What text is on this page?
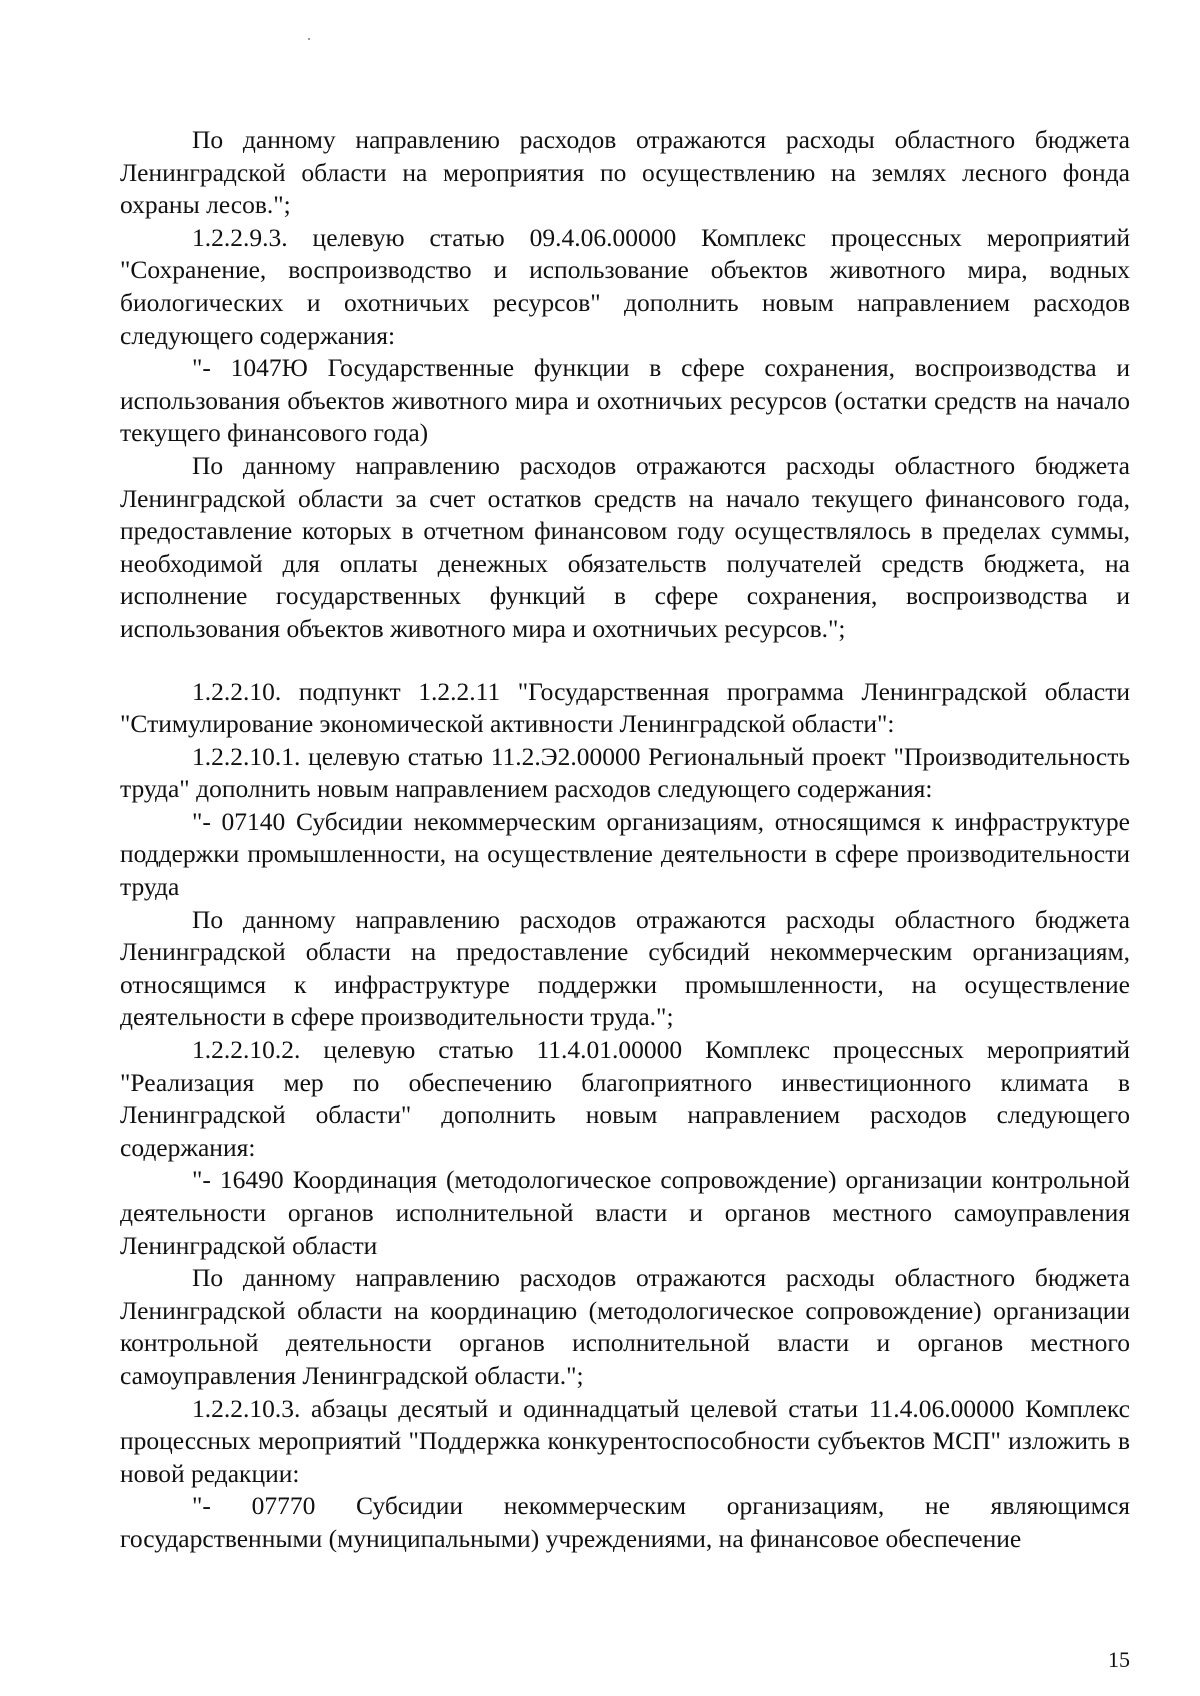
По данному направлению расходов отражаются расходы областного бюджета Ленинградской области на мероприятия по осуществлению на землях лесного фонда охраны лесов.";

1.2.2.9.3. целевую статью 09.4.06.00000 Комплекс процессных мероприятий "Сохранение, воспроизводство и использование объектов животного мира, водных биологических и охотничьих ресурсов" дополнить новым направлением расходов следующего содержания:

"- 1047Ю Государственные функции в сфере сохранения, воспроизводства и использования объектов животного мира и охотничьих ресурсов (остатки средств на начало текущего финансового года)

По данному направлению расходов отражаются расходы областного бюджета Ленинградской области за счет остатков средств на начало текущего финансового года, предоставление которых в отчетном финансовом году осуществлялось в пределах суммы, необходимой для оплаты денежных обязательств получателей средств бюджета, на исполнение государственных функций в сфере сохранения, воспроизводства и использования объектов животного мира и охотничьих ресурсов.";

1.2.2.10. подпункт 1.2.2.11 "Государственная программа Ленинградской области "Стимулирование экономической активности Ленинградской области":

1.2.2.10.1. целевую статью 11.2.Э2.00000 Региональный проект "Производительность труда" дополнить новым направлением расходов следующего содержания:

"- 07140 Субсидии некоммерческим организациям, относящимся к инфраструктуре поддержки промышленности, на осуществление деятельности в сфере производительности труда

По данному направлению расходов отражаются расходы областного бюджета Ленинградской области на предоставление субсидий некоммерческим организациям, относящимся к инфраструктуре поддержки промышленности, на осуществление деятельности в сфере производительности труда.";

1.2.2.10.2. целевую статью 11.4.01.00000 Комплекс процессных мероприятий "Реализация мер по обеспечению благоприятного инвестиционного климата в Ленинградской области" дополнить новым направлением расходов следующего содержания:

"- 16490 Координация (методологическое сопровождение) организации контрольной деятельности органов исполнительной власти и органов местного самоуправления Ленинградской области

По данному направлению расходов отражаются расходы областного бюджета Ленинградской области на координацию (методологическое сопровождение) организации контрольной деятельности органов исполнительной власти и органов местного самоуправления Ленинградской области.";

1.2.2.10.3. абзацы десятый и одиннадцатый целевой статьи 11.4.06.00000 Комплекс процессных мероприятий "Поддержка конкурентоспособности субъектов МСП" изложить в новой редакции:

"- 07770 Субсидии некоммерческим организациям, не являющимся государственными (муниципальными) учреждениями, на финансовое обеспечение

15
